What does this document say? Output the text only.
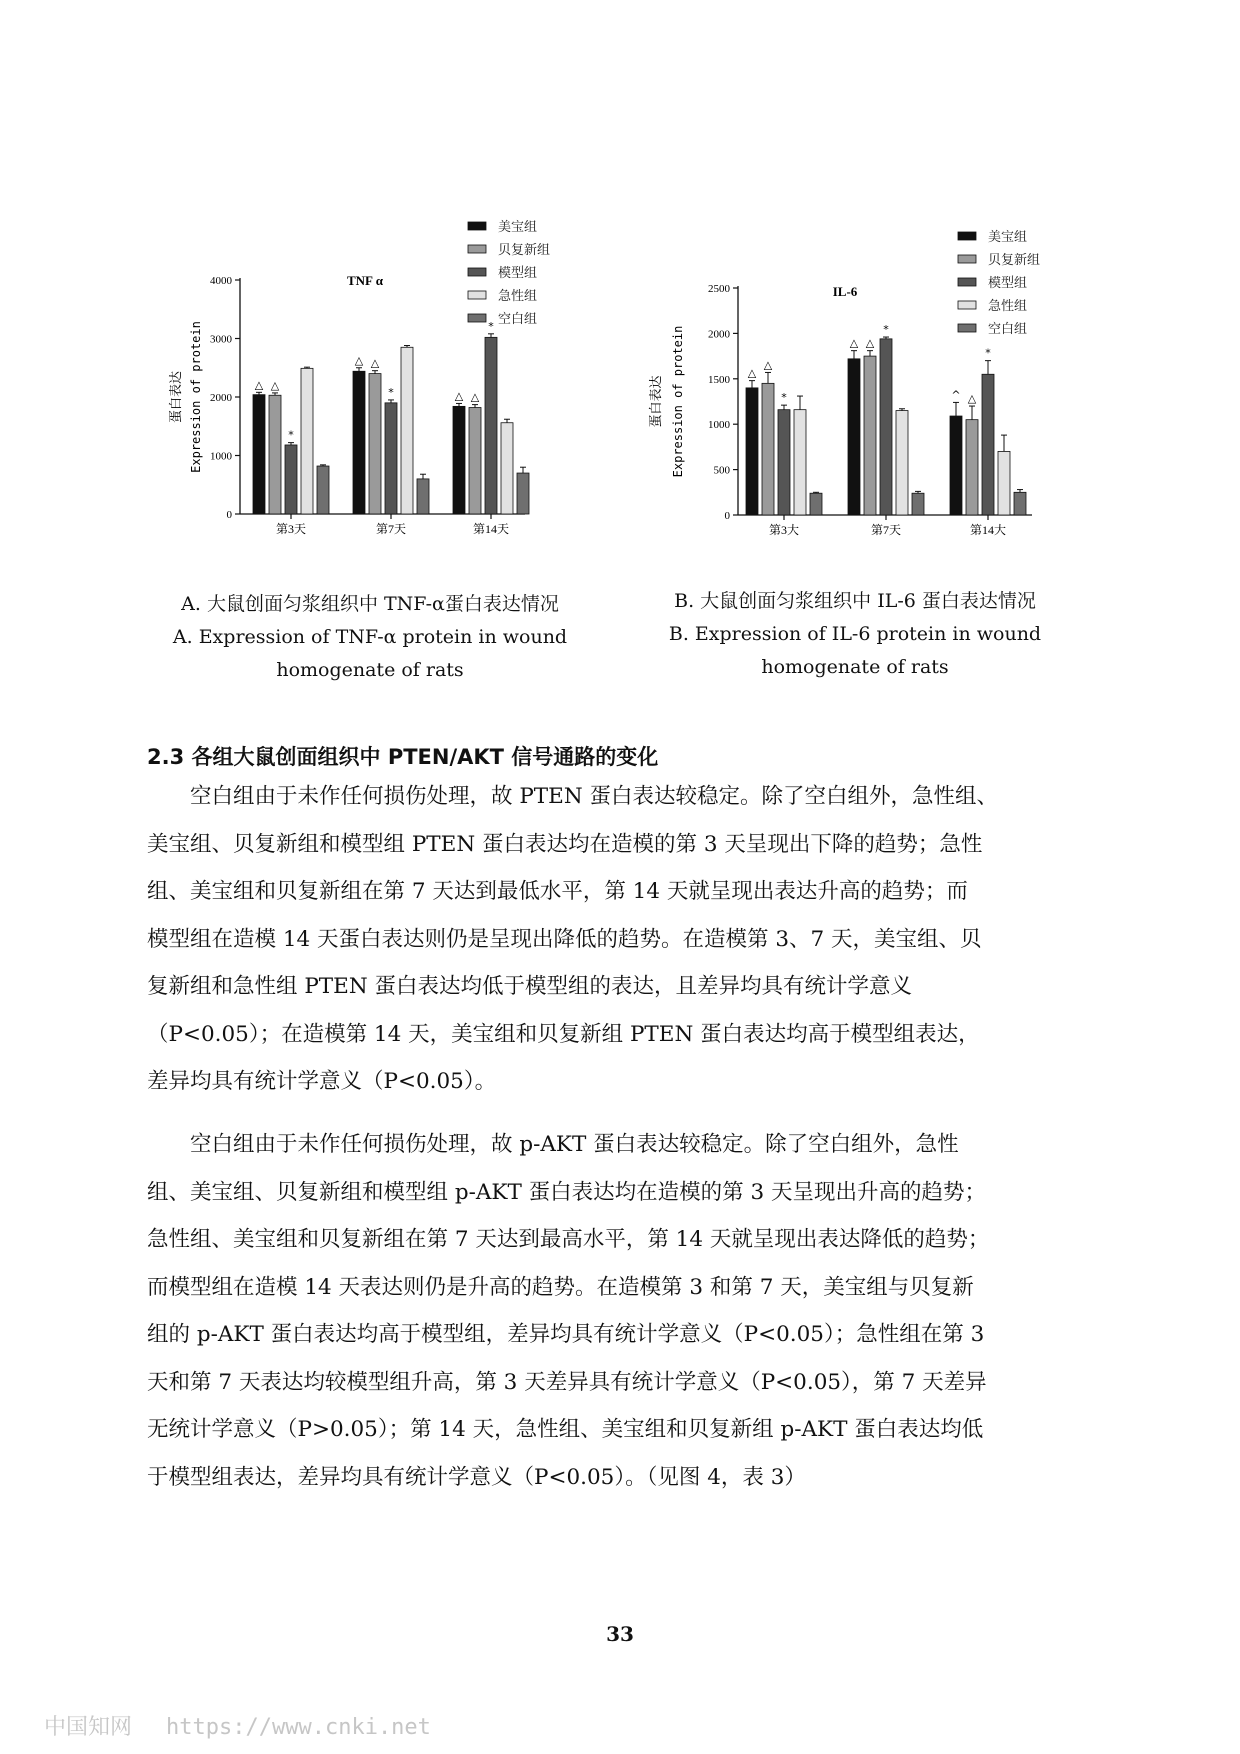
TNF α
蛋白表达 Expression of protein
0
1000
2000
3000
4000
△ △
*
第3天
△ △
*
第7天
△ △
*
第14天
美宝组
贝复新组
模型组
急性组
空白组
IL-6
蛋白表达 Expression of protein
0
500
1000
1500
2000
2500
△
△
*
第3大
△ △
*
第7天
^ △
*
第14大
美宝组
贝复新组
模型组
急性组
空白组
A. 大鼠创面匀浆组织中 TNF-α蛋白表达情况
A. Expression of TNF-α protein in wound
homogenate of rats
B. 大鼠创面匀浆组织中 IL-6 蛋白表达情况
B. Expression of IL-6 protein in wound
homogenate of rats
2.3 各组大鼠创面组织中 PTEN/AKT 信号通路的变化
　　空白组由于未作任何损伤处理，故 PTEN 蛋白表达较稳定。除了空白组外，急性组、
美宝组、贝复新组和模型组 PTEN 蛋白表达均在造模的第 3 天呈现出下降的趋势；急性
组、美宝组和贝复新组在第 7 天达到最低水平，第 14 天就呈现出表达升高的趋势；而
模型组在造模 14 天蛋白表达则仍是呈现出降低的趋势。在造模第 3、7 天，美宝组、贝
复新组和急性组 PTEN 蛋白表达均低于模型组的表达，且差异均具有统计学意义
（P<0.05）；在造模第 14 天，美宝组和贝复新组 PTEN 蛋白表达均高于模型组表达，
差异均具有统计学意义（P<0.05）。
　　空白组由于未作任何损伤处理，故 p-AKT 蛋白表达较稳定。除了空白组外，急性
组、美宝组、贝复新组和模型组 p-AKT 蛋白表达均在造模的第 3 天呈现出升高的趋势；
急性组、美宝组和贝复新组在第 7 天达到最高水平，第 14 天就呈现出表达降低的趋势；
而模型组在造模 14 天表达则仍是升高的趋势。在造模第 3 和第 7 天，美宝组与贝复新
组的 p-AKT 蛋白表达均高于模型组，差异均具有统计学意义（P<0.05）；急性组在第 3
天和第 7 天表达均较模型组升高，第 3 天差异具有统计学意义（P<0.05），第 7 天差异
无统计学意义（P>0.05）；第 14 天，急性组、美宝组和贝复新组 p-AKT 蛋白表达均低
于模型组表达，差异均具有统计学意义（P<0.05）。（见图 4，表 3）
33
中国知网 https://www.cnki.net
